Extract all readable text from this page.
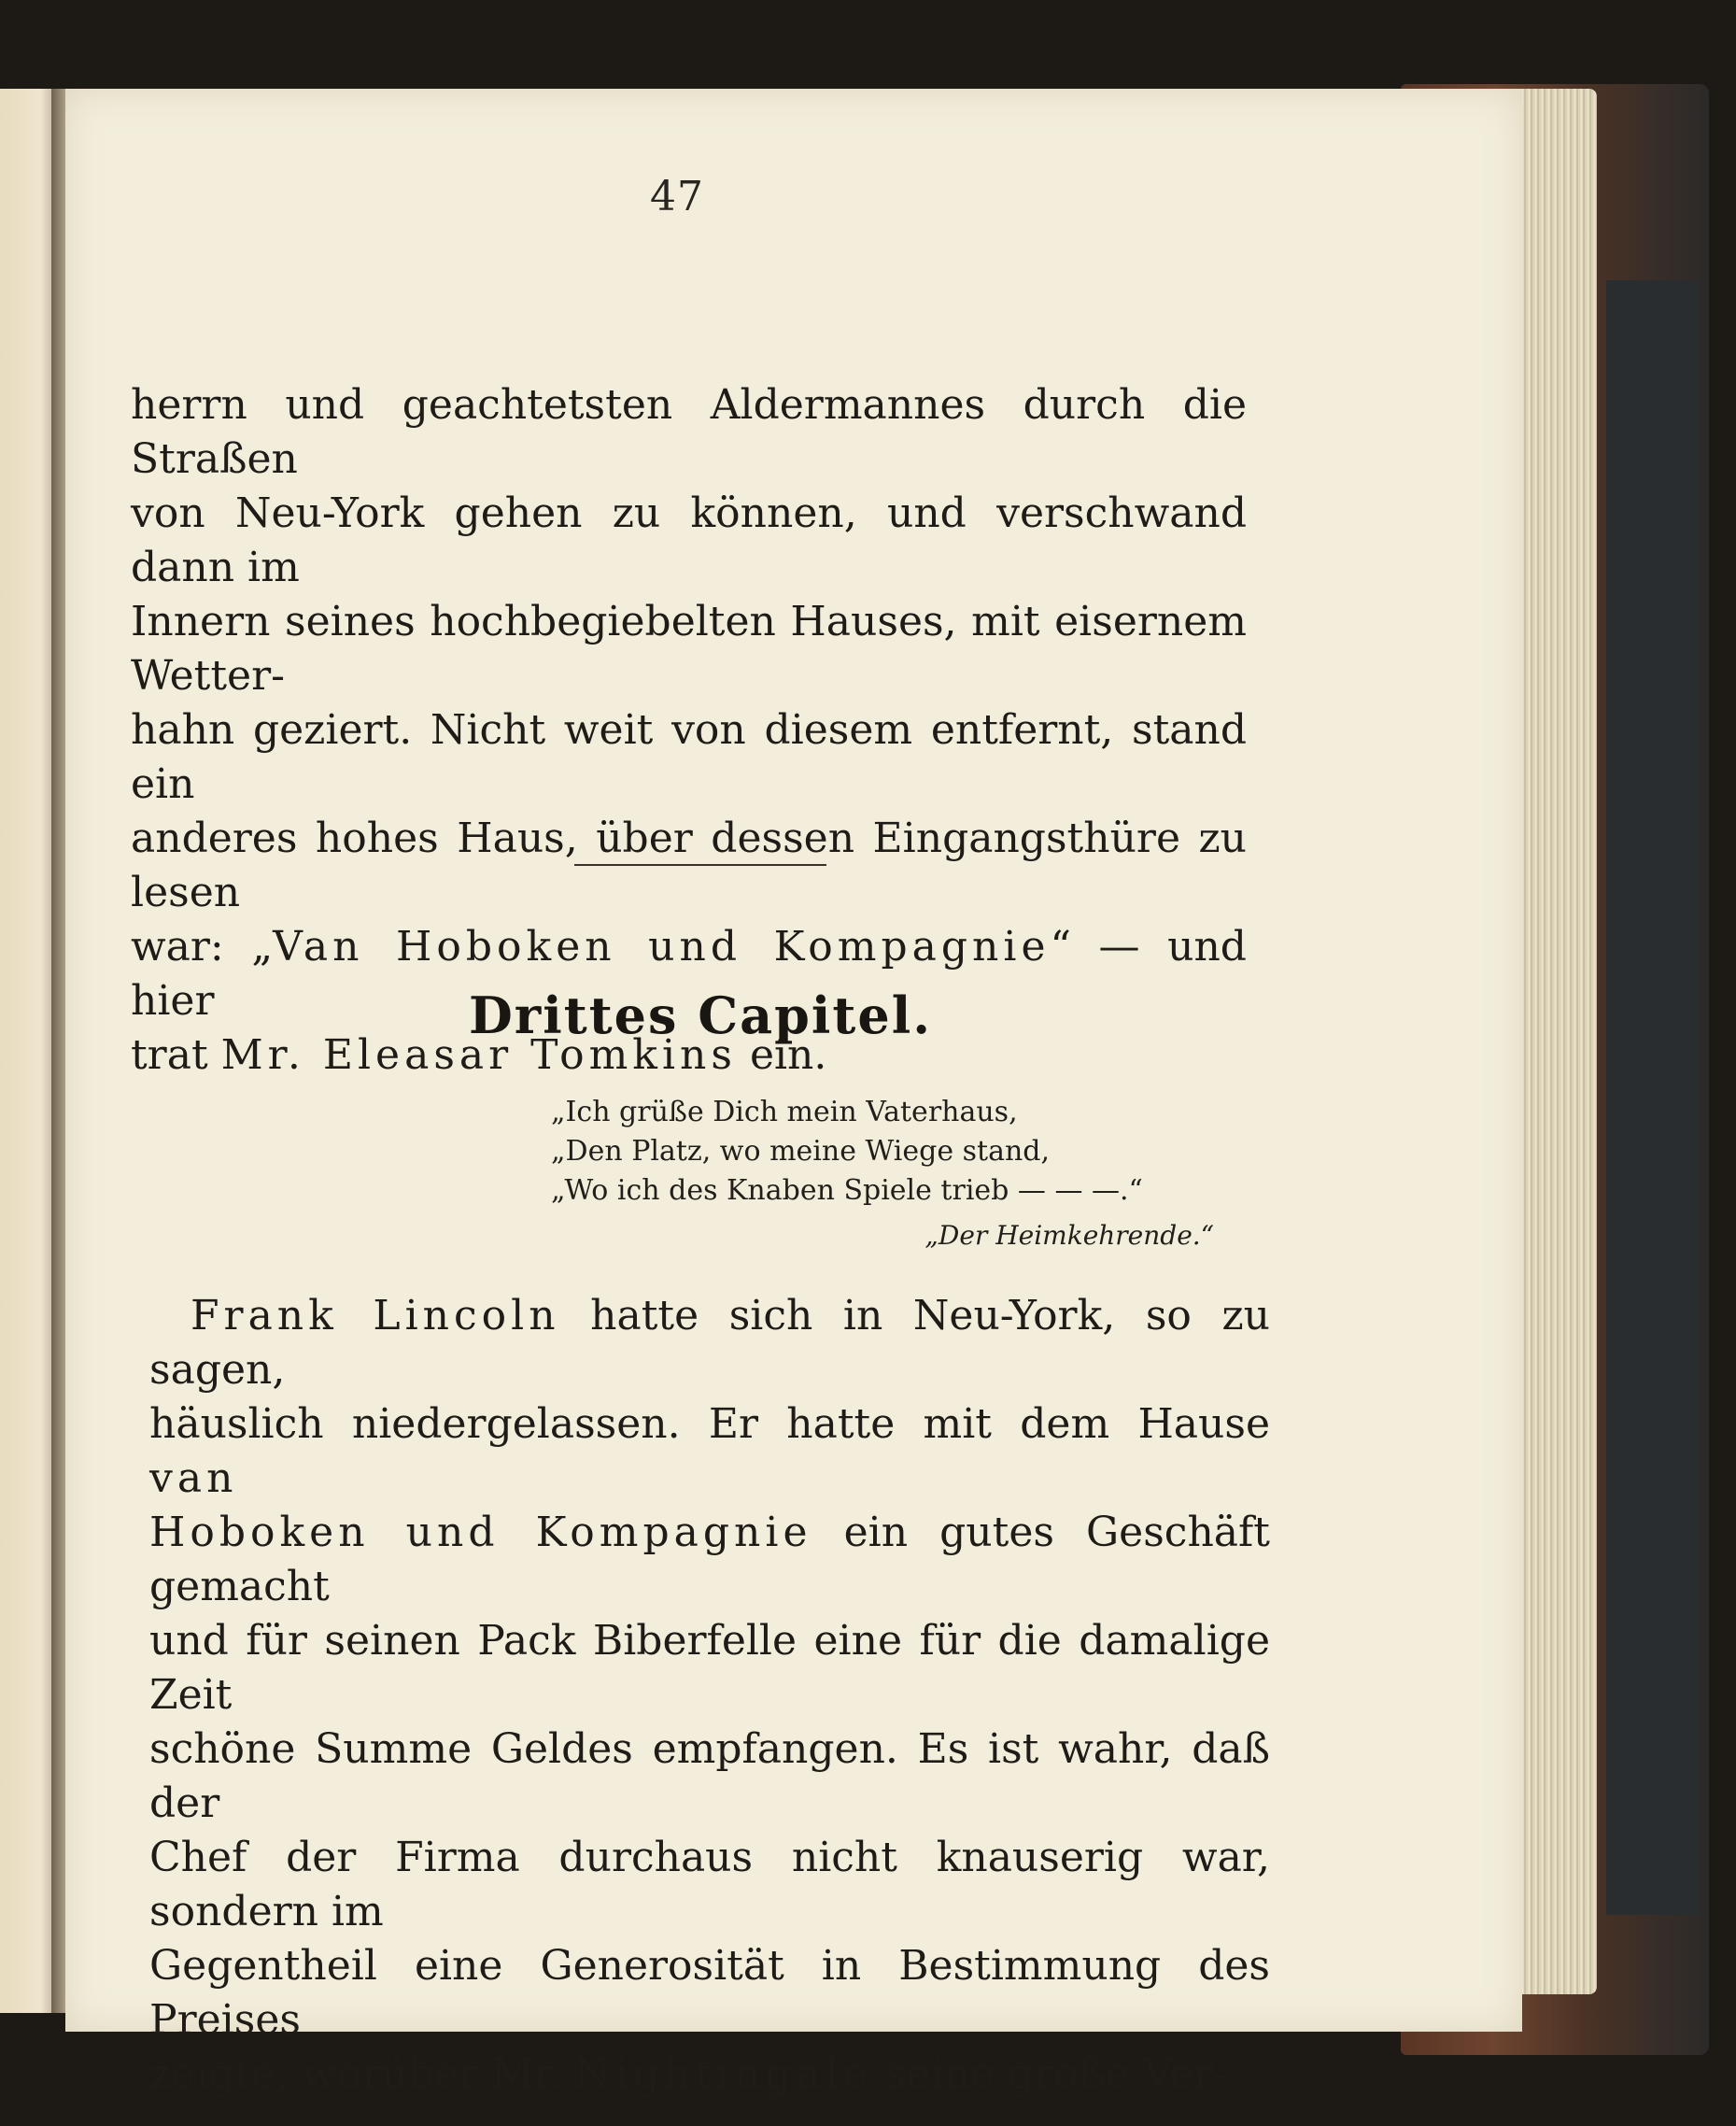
47
herrn und geachtetsten Aldermannes durch die Straßen
von Neu-York gehen zu können, und verschwand dann im
Innern seines hochbegiebelten Hauses, mit eisernem Wetter-
hahn geziert. Nicht weit von diesem entfernt, stand ein
anderes hohes Haus, über dessen Eingangsthüre zu lesen
war: „Van Hoboken und Kompagnie“ — und hier
trat Mr. Eleasar Tomkins ein.
Drittes Capitel.

„Ich grüße Dich mein Vaterhaus,

„Den Platz, wo meine Wiege stand,

„Wo ich des Knaben Spiele trieb — — —.“

„Der Heimkehrende.“

 Frank Lincoln hatte sich in Neu-York, so zu sagen,
häuslich niedergelassen. Er hatte mit dem Hause van
Hoboken und Kompagnie ein gutes Geschäft gemacht
und für seinen Pack Biberfelle eine für die damalige Zeit
schöne Summe Geldes empfangen. Es ist wahr, daß der
Chef der Firma durchaus nicht knauserig war, sondern im
Gegentheil eine Generosität in Bestimmung des Preises
zeigte, worüber Mr. Nightingale seine große Ver-
